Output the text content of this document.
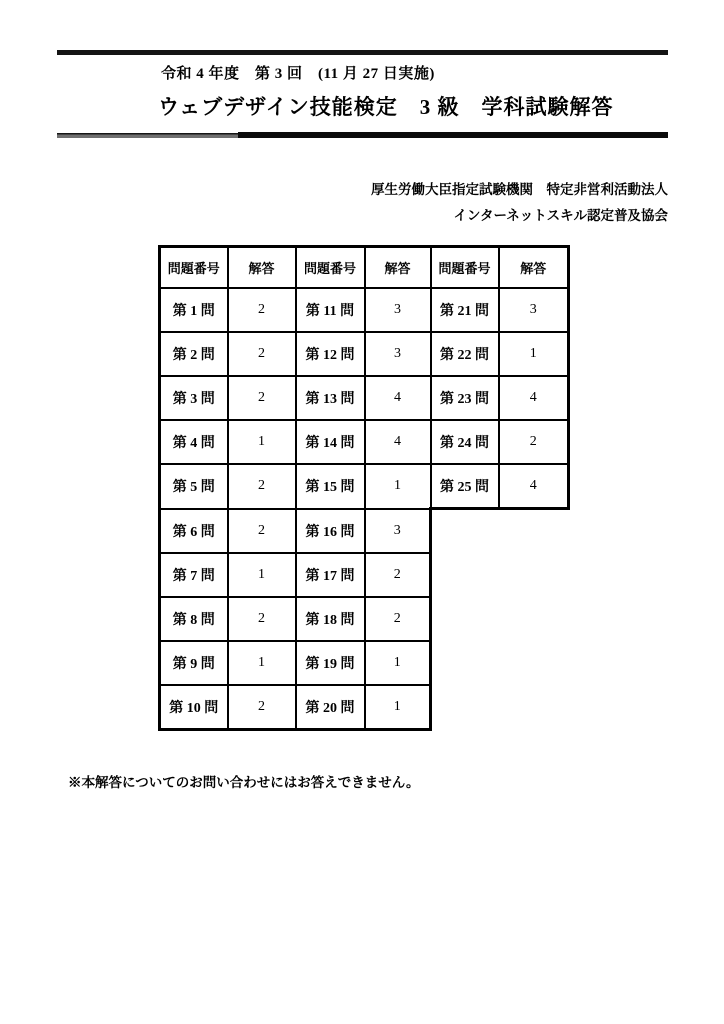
令和 4 年度　第 3 回　(11 月 27 日実施)
ウェブデザイン技能検定　3 級　学科試験解答
厚生労働大臣指定試験機関　特定非営利活動法人
インターネットスキル認定普及協会
問題番号	解答	問題番号	解答	問題番号	解答
第 1 問	2	第 11 問	3	第 21 問	3
第 2 問	2	第 12 問	3	第 22 問	1
第 3 問	2	第 13 問	4	第 23 問	4
第 4 問	1	第 14 問	4	第 24 問	2
第 5 問	2	第 15 問	1	第 25 問	4
第 6 問	2	第 16 問	3		
第 7 問	1	第 17 問	2		
第 8 問	2	第 18 問	2		
第 9 問	1	第 19 問	1		
第 10 問	2	第 20 問	1		
※本解答についてのお問い合わせにはお答えできません。
